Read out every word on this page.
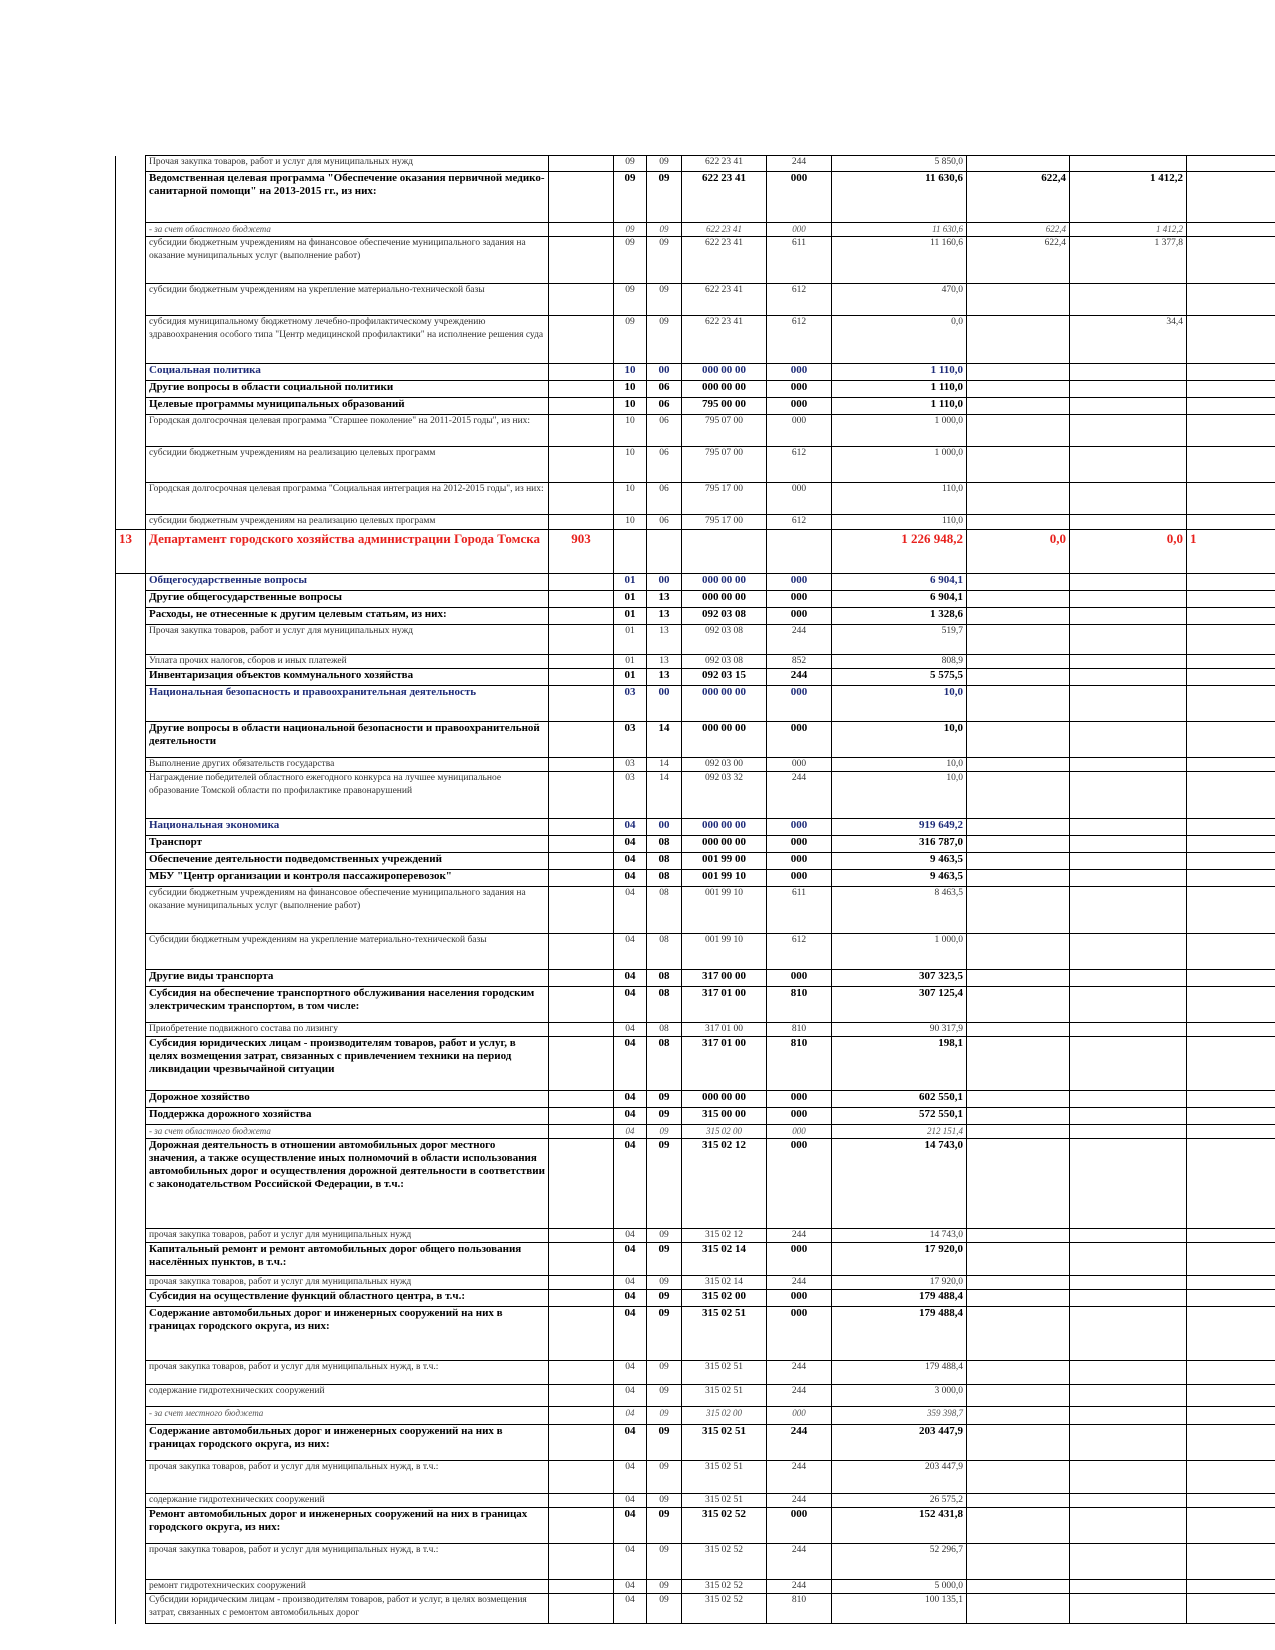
	Прочая закупка товаров, работ и услуг для муниципальных нужд		09	09	622 23 41	244	5 850,0			
	Ведомственная целевая программа "Обеспечение оказания первичной медико-санитарной помощи" на 2013-2015 гг., из них:		09	09	622 23 41	000	11 630,6	622,4	1 412,2	
	- за счет областного бюджета		09	09	622 23 41	000	11 630,6	622,4	1 412,2	
	субсидии бюджетным учреждениям на финансовое обеспечение муниципального задания на оказание муниципальных услуг (выполнение работ)		09	09	622 23 41	611	11 160,6	622,4	1 377,8	
	субсидии бюджетным учреждениям на укрепление материально-технической базы		09	09	622 23 41	612	470,0			
	субсидия муниципальному бюджетному лечебно-профилактическому учреждению здравоохранения особого типа "Центр медицинской профилактики" на исполнение решения суда		09	09	622 23 41	612	0,0		34,4	
	Социальная политика		10	00	000 00 00	000	1 110,0			
	Другие вопросы в области социальной политики		10	06	000 00 00	000	1 110,0			
	Целевые программы муниципальных образований		10	06	795 00 00	000	1 110,0			
	Городская долгосрочная целевая программа "Старшее поколение" на 2011-2015 годы", из них:		10	06	795 07 00	000	1 000,0			
	субсидии бюджетным учреждениям на реализацию целевых программ		10	06	795 07 00	612	1 000,0			
	Городская долгосрочная целевая программа "Социальная интеграция на 2012-2015 годы", из них:		10	06	795 17 00	000	110,0			
	субсидии бюджетным учреждениям на реализацию целевых программ		10	06	795 17 00	612	110,0			
13	Департамент городского хозяйства администрации Города Томска	903					1 226 948,2	0,0	0,0	1
	Общегосударственные вопросы		01	00	000 00 00	000	6 904,1			
	Другие общегосударственные вопросы		01	13	000 00 00	000	6 904,1			
	Расходы, не отнесенные к другим целевым статьям, из них:		01	13	092 03 08	000	1 328,6			
	Прочая закупка товаров, работ и услуг для муниципальных нужд		01	13	092 03 08	244	519,7			
	Уплата прочих налогов, сборов и иных платежей		01	13	092 03 08	852	808,9			
	Инвентаризация объектов коммунального хозяйства		01	13	092 03 15	244	5 575,5			
	Национальная безопасность и правоохранительная деятельность		03	00	000 00 00	000	10,0			
	Другие вопросы в области национальной безопасности и правоохранительной деятельности		03	14	000 00 00	000	10,0			
	Выполнение других обязательств государства		03	14	092 03 00	000	10,0			
	Награждение победителей областного ежегодного конкурса на лучшее муниципальное образование Томской области по профилактике правонарушений		03	14	092 03 32	244	10,0			
	Национальная экономика		04	00	000 00 00	000	919 649,2			
	Транспорт		04	08	000 00 00	000	316 787,0			
	Обеспечение деятельности подведомственных учреждений		04	08	001 99 00	000	9 463,5			
	МБУ "Центр организации и контроля пассажироперевозок"		04	08	001 99 10	000	9 463,5			
	субсидии бюджетным учреждениям на финансовое обеспечение муниципального задания на оказание муниципальных услуг (выполнение работ)		04	08	001 99 10	611	8 463,5			
	Субсидии бюджетным учреждениям на укрепление материально-технической базы		04	08	001 99 10	612	1 000,0			
	Другие виды транспорта		04	08	317 00 00	000	307 323,5			
	Субсидия на обеспечение транспортного обслуживания населения городским электрическим транспортом, в том числе:		04	08	317 01 00	810	307 125,4			
	Приобретение подвижного состава по лизингу		04	08	317 01 00	810	90 317,9			
	Субсидия юридических лицам - производителям товаров, работ и услуг, в целях возмещения затрат, связанных с привлечением техники на период ликвидации чрезвычайной ситуации		04	08	317 01 00	810	198,1			
	Дорожное хозяйство		04	09	000 00 00	000	602 550,1			
	Поддержка дорожного хозяйства		04	09	315 00 00	000	572 550,1			
	- за счет областного бюджета		04	09	315 02 00	000	212 151,4			
	Дорожная деятельность в отношении автомобильных дорог местного значения, а также осуществление иных полномочий в области использования автомобильных дорог и осуществления дорожной деятельности в соответствии с законодательством Российской Федерации, в т.ч.:		04	09	315 02 12	000	14 743,0			
	прочая закупка товаров, работ и услуг для муниципальных нужд		04	09	315 02 12	244	14 743,0			
	Капитальный ремонт и ремонт автомобильных дорог общего пользования населённых пунктов, в т.ч.:		04	09	315 02 14	000	17 920,0			
	прочая закупка товаров, работ и услуг для муниципальных нужд		04	09	315 02 14	244	17 920,0			
	Субсидия на осуществление функций областного центра, в т.ч.:		04	09	315 02 00	000	179 488,4			
	Содержание автомобильных дорог и инженерных сооружений на них в границах городского округа, из них:		04	09	315 02 51	000	179 488,4			
	прочая закупка товаров, работ и услуг для муниципальных нужд, в т.ч.:		04	09	315 02 51	244	179 488,4			
	содержание гидротехнических сооружений		04	09	315 02 51	244	3 000,0			
	- за счет местного бюджета		04	09	315 02 00	000	359 398,7			
	Содержание автомобильных дорог и инженерных сооружений на них в границах городского округа, из них:		04	09	315 02 51	244	203 447,9			
	прочая закупка товаров, работ и услуг для муниципальных нужд, в т.ч.:		04	09	315 02 51	244	203 447,9			
	содержание гидротехнических сооружений		04	09	315 02 51	244	26 575,2			
	Ремонт автомобильных дорог и инженерных сооружений на них в границах городского округа, из них:		04	09	315 02 52	000	152 431,8			
	прочая закупка товаров, работ и услуг для муниципальных нужд, в т.ч.:		04	09	315 02 52	244	52 296,7			
	ремонт гидротехнических сооружений		04	09	315 02 52	244	5 000,0			
	Субсидии юридическим лицам - производителям товаров, работ и услуг, в целях возмещения затрат, связанных с ремонтом автомобильных дорог		04	09	315 02 52	810	100 135,1			
